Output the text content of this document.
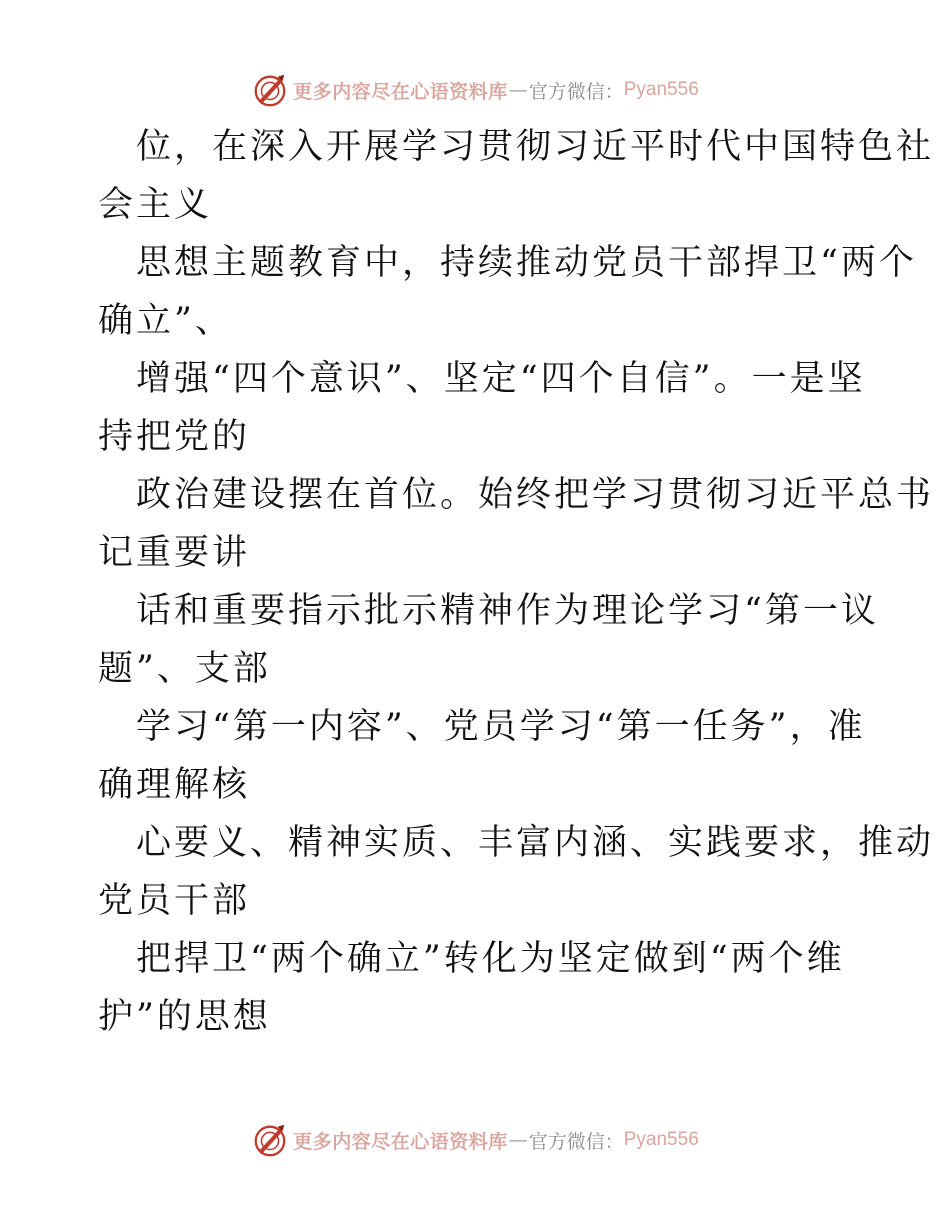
更多内容尽在心语资料库 — 官方微信： Pyan556
位，在深入开展学习贯彻习近平时代中国特色社
会主义
思想主题教育中，持续推动党员干部捍卫“两个
确立”、
增强“四个意识”、坚定“四个自信”。一是坚
持把党的
政治建设摆在首位。始终把学习贯彻习近平总书
记重要讲
话和重要指示批示精神作为理论学习“第一议
题”、支部
学习“第一内容”、党员学习“第一任务”，准
确理解核
心要义、精神实质、丰富内涵、实践要求，推动
党员干部
把捍卫“两个确立”转化为坚定做到“两个维
护”的思想
更多内容尽在心语资料库 — 官方微信： Pyan556
